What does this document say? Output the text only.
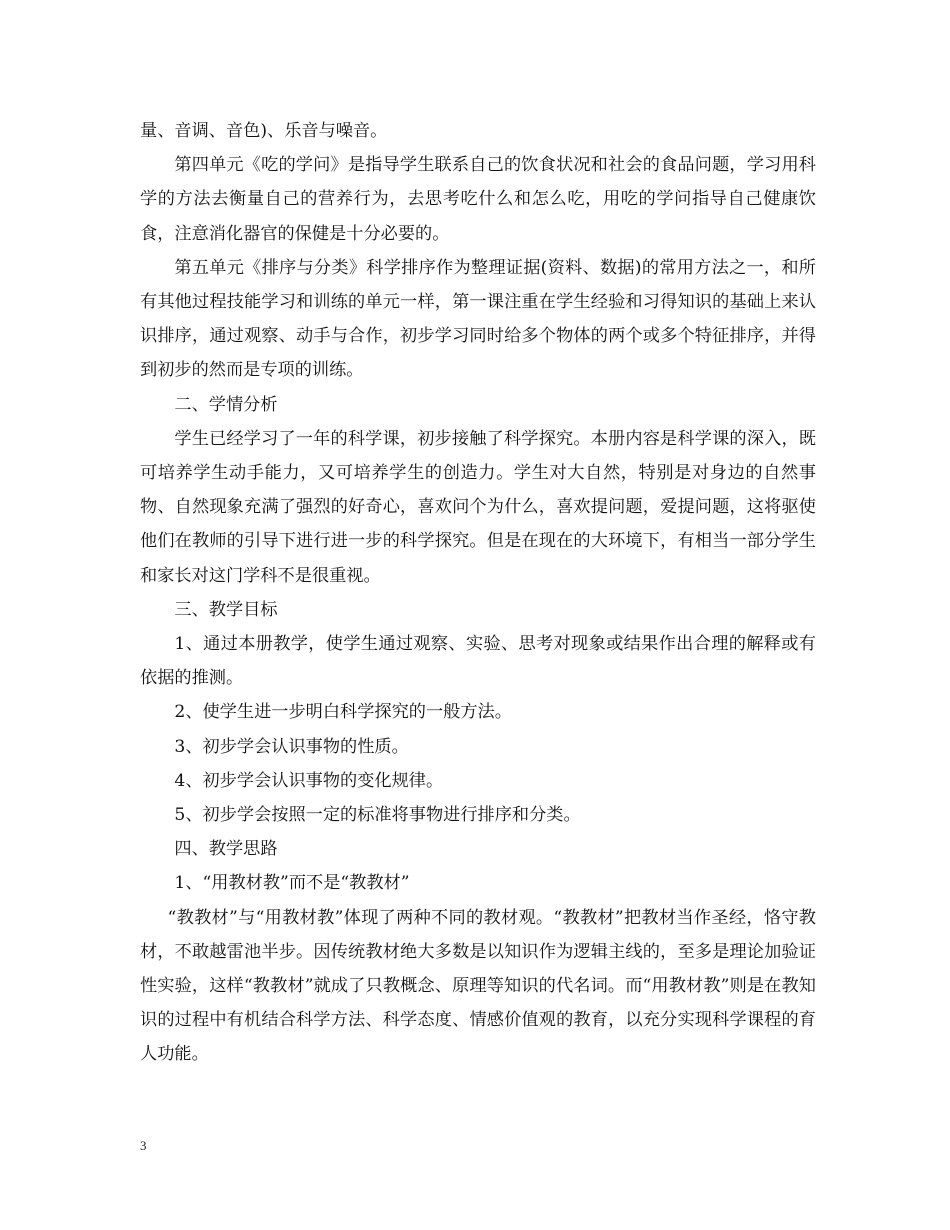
量、音调、音色)、乐音与噪音。

第四单元《吃的学问》是指导学生联系自己的饮食状况和社会的食品问题，学习用科学的方法去衡量自己的营养行为，去思考吃什么和怎么吃，用吃的学问指导自己健康饮食，注意消化器官的保健是十分必要的。

第五单元《排序与分类》科学排序作为整理证据(资料、数据)的常用方法之一，和所有其他过程技能学习和训练的单元一样，第一课注重在学生经验和习得知识的基础上来认识排序，通过观察、动手与合作，初步学习同时给多个物体的两个或多个特征排序，并得到初步的然而是专项的训练。

二、学情分析

学生已经学习了一年的科学课，初步接触了科学探究。本册内容是科学课的深入，既可培养学生动手能力，又可培养学生的创造力。学生对大自然，特别是对身边的自然事物、自然现象充满了强烈的好奇心，喜欢问个为什么，喜欢提问题，爱提问题，这将驱使他们在教师的引导下进行进一步的科学探究。但是在现在的大环境下，有相当一部分学生和家长对这门学科不是很重视。

三、教学目标

1、通过本册教学，使学生通过观察、实验、思考对现象或结果作出合理的解释或有依据的推测。

2、使学生进一步明白科学探究的一般方法。

3、初步学会认识事物的性质。

4、初步学会认识事物的变化规律。

5、初步学会按照一定的标准将事物进行排序和分类。

四、教学思路

1、“用教材教”而不是“教教材”

“教教材”与“用教材教”体现了两种不同的教材观。“教教材”把教材当作圣经，恪守教材，不敢越雷池半步。因传统教材绝大多数是以知识作为逻辑主线的，至多是理论加验证性实验，这样“教教材”就成了只教概念、原理等知识的代名词。而“用教材教”则是在教知识的过程中有机结合科学方法、科学态度、情感价值观的教育，以充分实现科学课程的育人功能。

3
